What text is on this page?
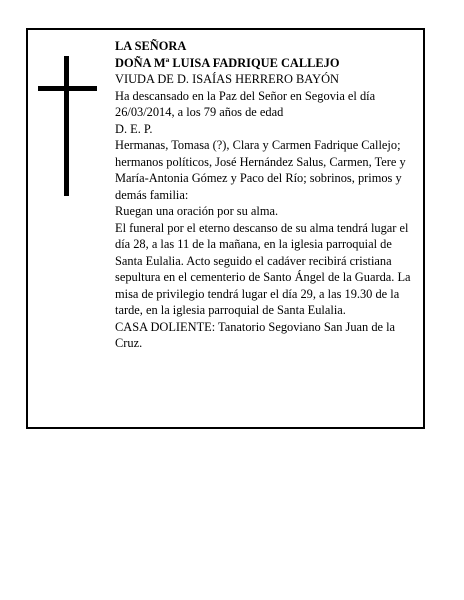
LA SEÑORA

DOÑA Mª LUISA FADRIQUE CALLEJO

VIUDA DE D. ISAÍAS HERRERO BAYÓN

Ha descansado en la Paz del Señor en Segovia el día 26/03/2014, a los 79 años de edad

D. E. P.

Hermanas, Tomasa (?), Clara y Carmen Fadrique Callejo; hermanos políticos, José Hernández Salus, Carmen, Tere y María-Antonia Gómez y Paco del Río; sobrinos, primos y demás familia:

Ruegan una oración por su alma.

El funeral por el eterno descanso de su alma tendrá lugar el día 28, a las 11 de la mañana, en la iglesia parroquial de Santa Eulalia. Acto seguido el cadáver recibirá cristiana sepultura en el cementerio de Santo Ángel de la Guarda. La misa de privilegio tendrá lugar el día 29, a las 19.30 de la tarde, en la iglesia parroquial de Santa Eulalia.

CASA DOLIENTE: Tanatorio Segoviano San Juan de la Cruz.
